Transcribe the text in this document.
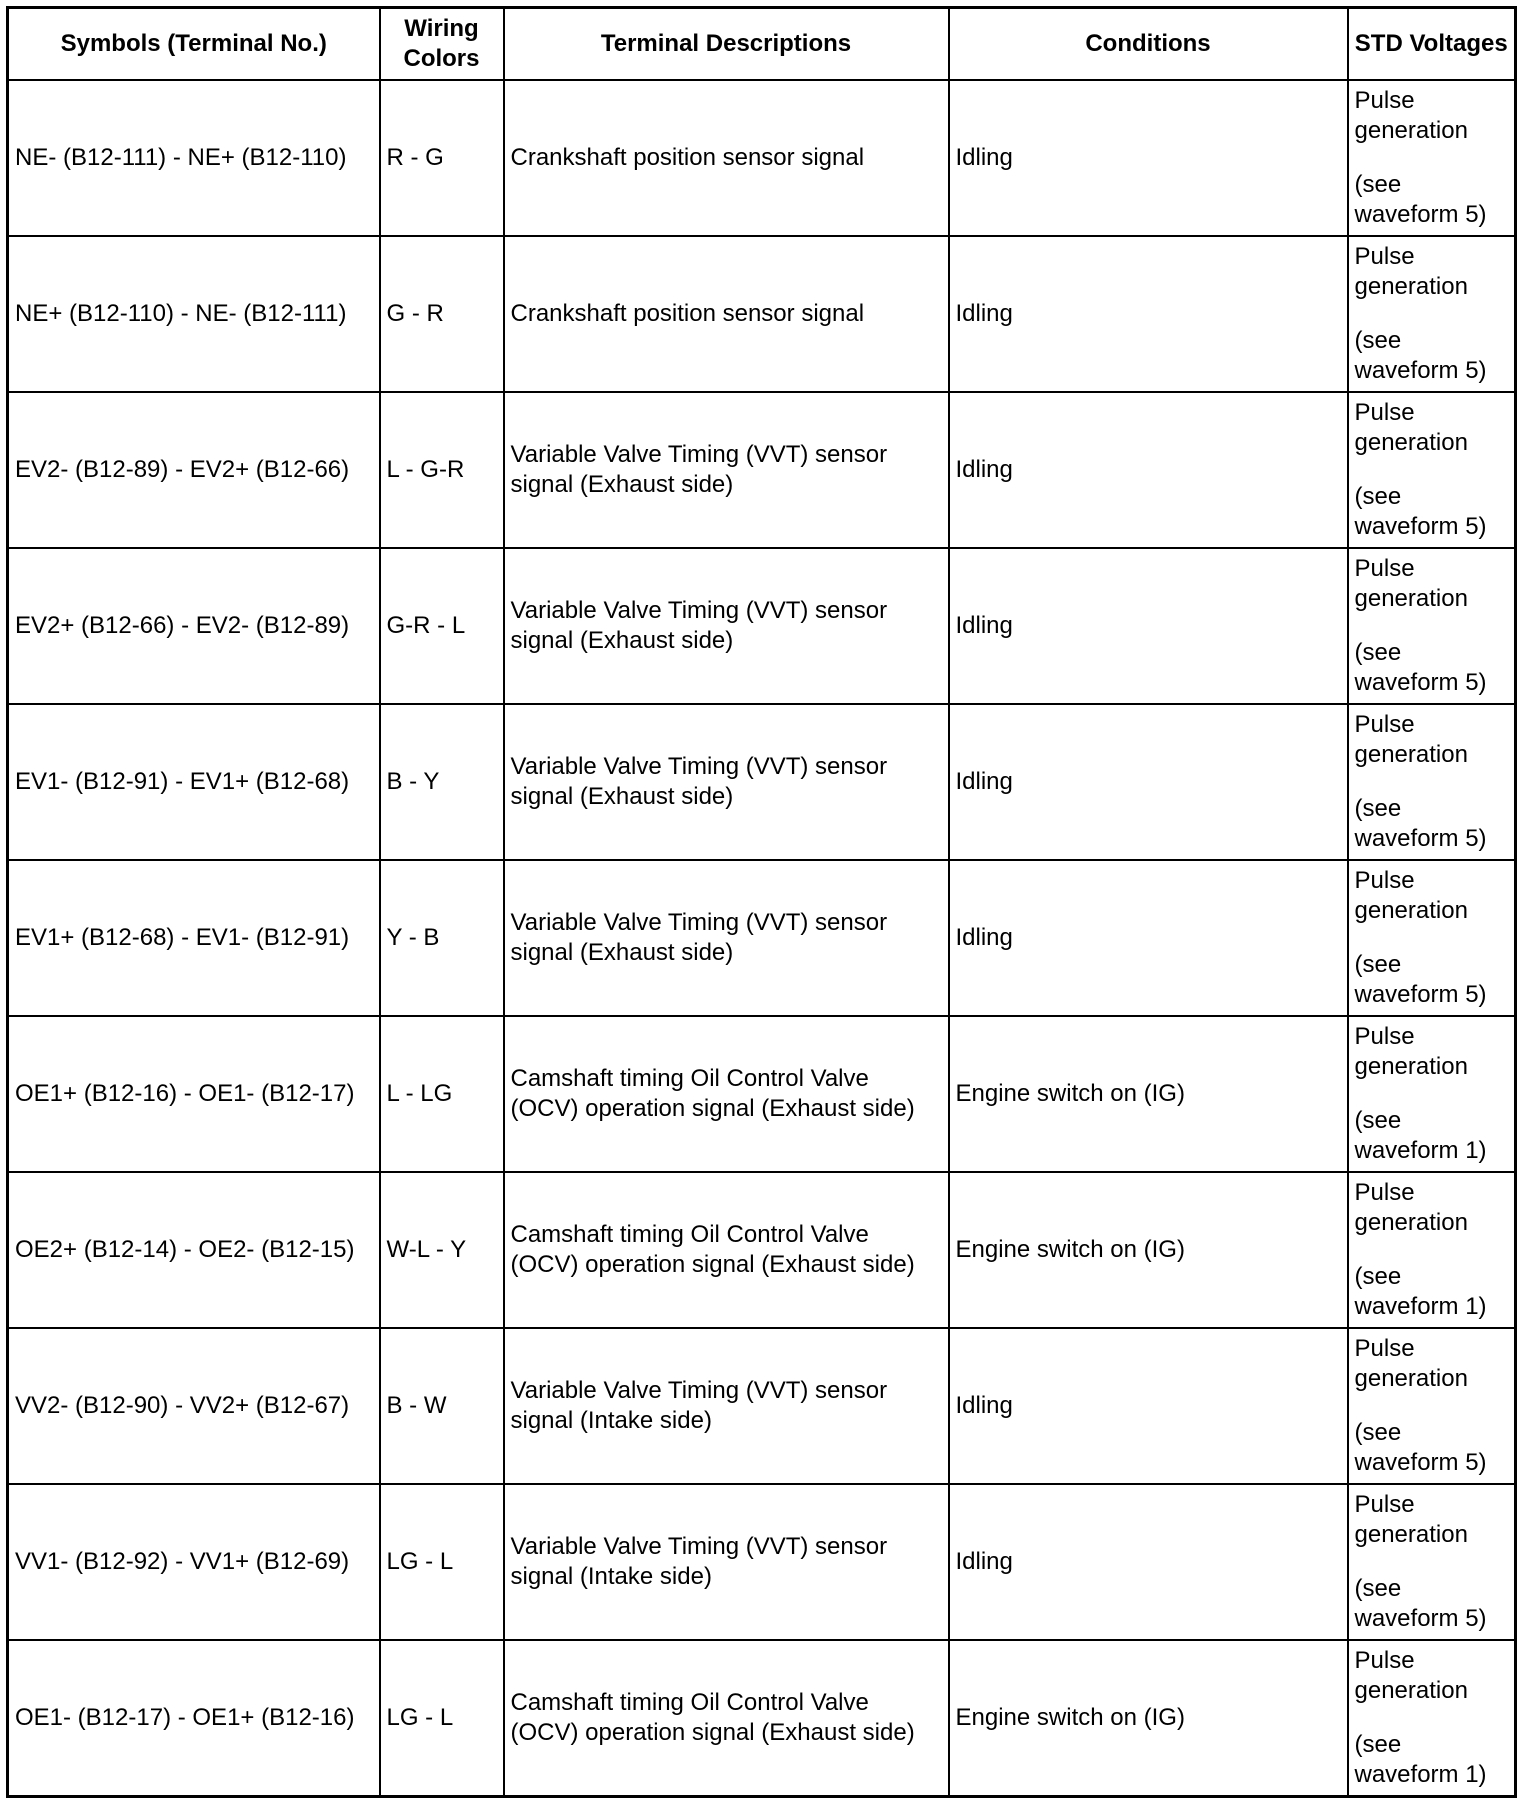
Symbols (Terminal No.)	Wiring Colors	Terminal Descriptions	Conditions	STD Voltages
NE- (B12-111) - NE+ (B12-110)	R - G	Crankshaft position sensor signal	Idling	Pulse generation
(see waveform 5)

NE+ (B12-110) - NE- (B12-111)	G - R	Crankshaft position sensor signal	Idling	Pulse generation
(see waveform 5)

EV2- (B12-89) - EV2+ (B12-66)	L - G-R	Variable Valve Timing (VVT) sensor signal (Exhaust side)	Idling	Pulse generation
(see waveform 5)

EV2+ (B12-66) - EV2- (B12-89)	G-R - L	Variable Valve Timing (VVT) sensor signal (Exhaust side)	Idling	Pulse generation
(see waveform 5)

EV1- (B12-91) - EV1+ (B12-68)	B - Y	Variable Valve Timing (VVT) sensor signal (Exhaust side)	Idling	Pulse generation
(see waveform 5)

EV1+ (B12-68) - EV1- (B12-91)	Y - B	Variable Valve Timing (VVT) sensor signal (Exhaust side)	Idling	Pulse generation
(see waveform 5)

OE1+ (B12-16) - OE1- (B12-17)	L - LG	Camshaft timing Oil Control Valve (OCV) operation signal (Exhaust side)	Engine switch on (IG)	Pulse generation
(see waveform 1)

OE2+ (B12-14) - OE2- (B12-15)	W-L - Y	Camshaft timing Oil Control Valve (OCV) operation signal (Exhaust side)	Engine switch on (IG)	Pulse generation
(see waveform 1)

VV2- (B12-90) - VV2+ (B12-67)	B - W	Variable Valve Timing (VVT) sensor signal (Intake side)	Idling	Pulse generation
(see waveform 5)

VV1- (B12-92) - VV1+ (B12-69)	LG - L	Variable Valve Timing (VVT) sensor signal (Intake side)	Idling	Pulse generation
(see waveform 5)

OE1- (B12-17) - OE1+ (B12-16)	LG - L	Camshaft timing Oil Control Valve (OCV) operation signal (Exhaust side)	Engine switch on (IG)	Pulse generation
(see waveform 1)
